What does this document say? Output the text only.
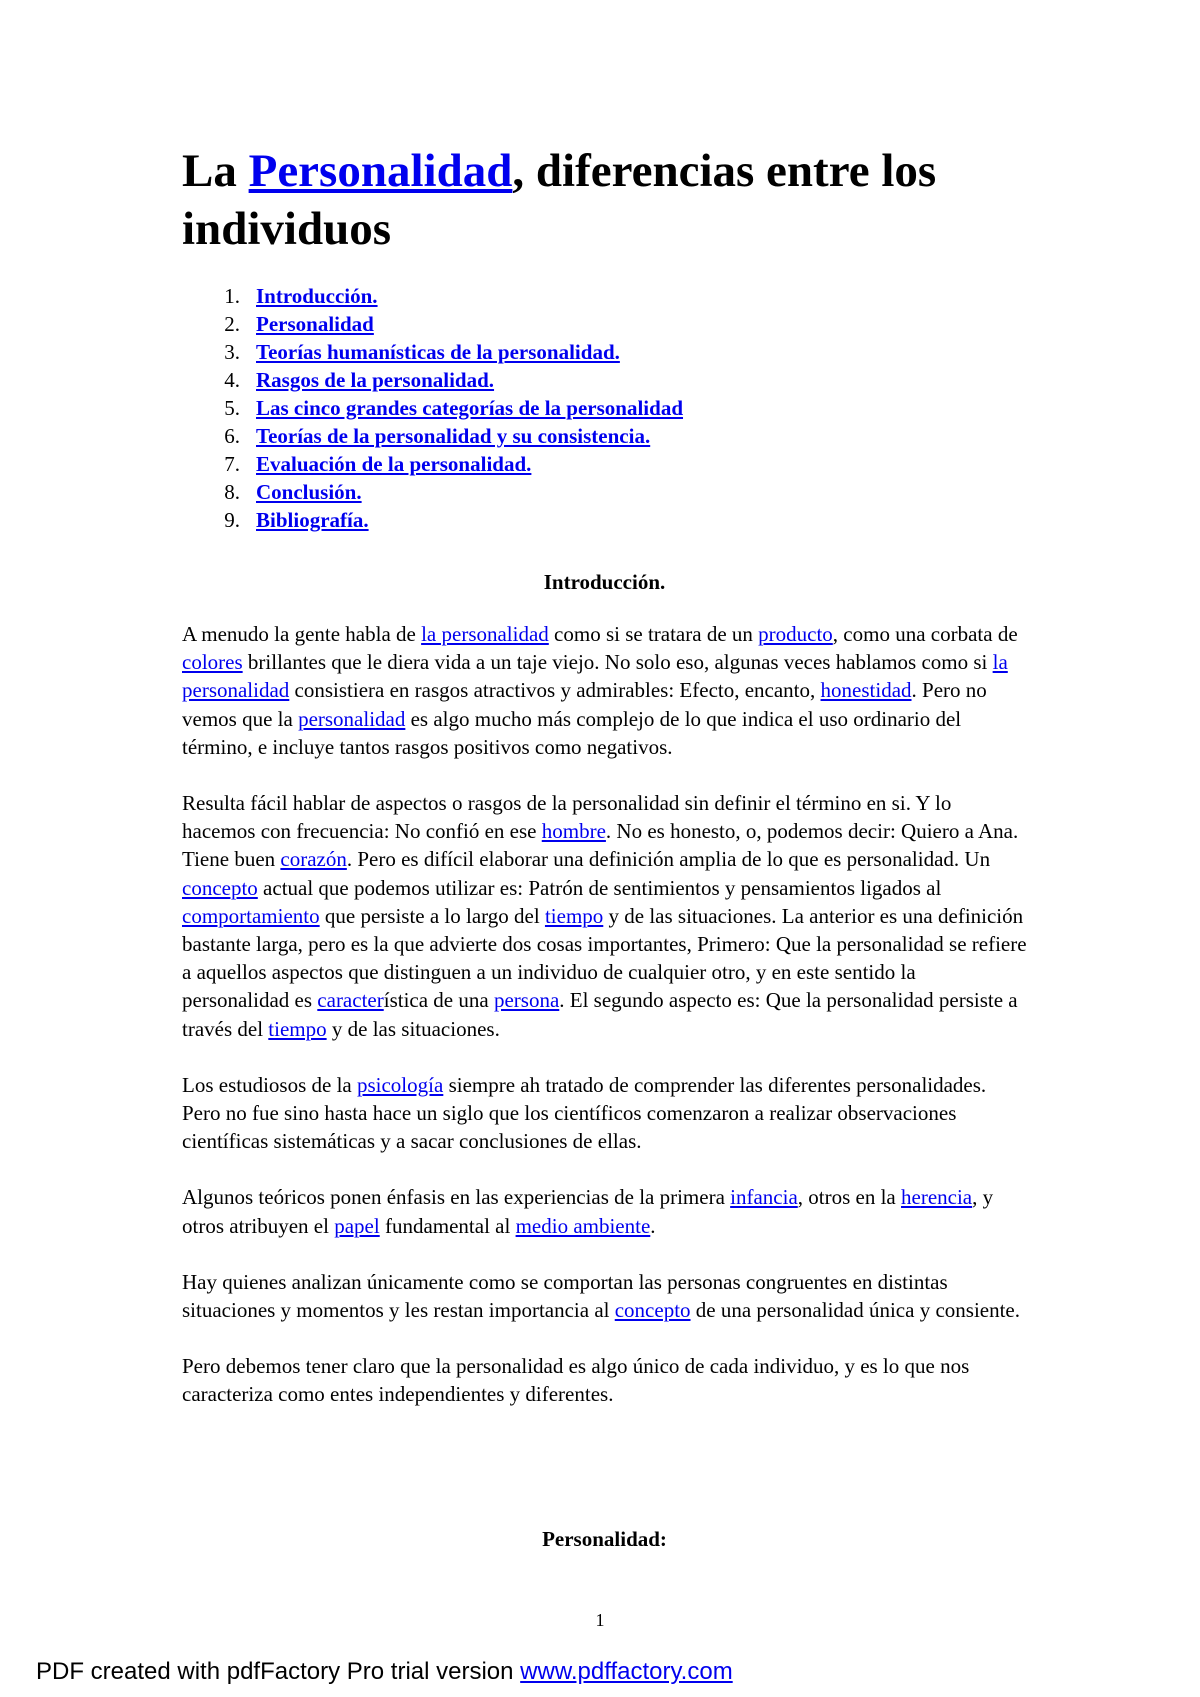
La Personalidad, diferencias entre los individuos
1. Introducción.
2. Personalidad
3. Teorías humanísticas de la personalidad.
4. Rasgos de la personalidad.
5. Las cinco grandes categorías de la personalidad
6. Teorías de la personalidad y su consistencia.
7. Evaluación de la personalidad.
8. Conclusión.
9. Bibliografía.
Introducción.

A menudo la gente habla de la personalidad como si se tratara de un producto, como una corbata de colores brillantes que le diera vida a un taje viejo. No solo eso, algunas veces hablamos como si la personalidad consistiera en rasgos atractivos y admirables: Efecto, encanto, honestidad. Pero no vemos que la personalidad es algo mucho más complejo de lo que indica el uso ordinario del término, e incluye tantos rasgos positivos como negativos.

Resulta fácil hablar de aspectos o rasgos de la personalidad sin definir el término en si. Y lo hacemos con frecuencia: No confió en ese hombre. No es honesto, o, podemos decir: Quiero a Ana. Tiene buen corazón. Pero es difícil elaborar una definición amplia de lo que es personalidad. Un concepto actual que podemos utilizar es: Patrón de sentimientos y pensamientos ligados al comportamiento que persiste a lo largo del tiempo y de las situaciones. La anterior es una definición bastante larga, pero es la que advierte dos cosas importantes, Primero: Que la personalidad se refiere a aquellos aspectos que distinguen a un individuo de cualquier otro, y en este sentido la personalidad es característica de una persona. El segundo aspecto es: Que la personalidad persiste a través del tiempo y de las situaciones.

Los estudiosos de la psicología siempre ah tratado de comprender las diferentes personalidades. Pero no fue sino hasta hace un siglo que los científicos comenzaron a realizar observaciones científicas sistemáticas y a sacar conclusiones de ellas.

Algunos teóricos ponen énfasis en las experiencias de la primera infancia, otros en la herencia, y otros atribuyen el papel fundamental al medio ambiente.

Hay quienes analizan únicamente como se comportan las personas congruentes en distintas situaciones y momentos y les restan importancia al concepto de una personalidad única y consiente.

Pero debemos tener claro que la personalidad es algo único de cada individuo, y es lo que nos caracteriza como entes independientes y diferentes.

Personalidad:
1
PDF created with pdfFactory Pro trial version www.pdffactory.com
